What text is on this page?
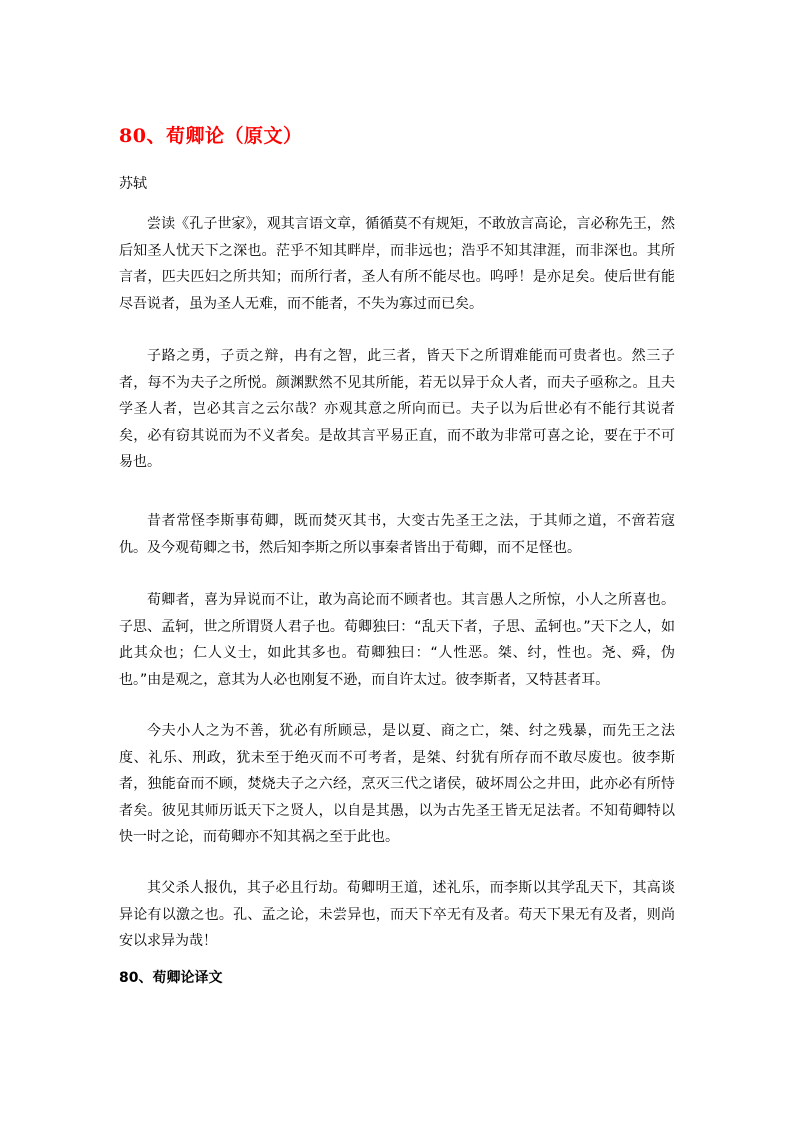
80、荀卿论（原文）
苏轼

尝读《孔子世家》，观其言语文章，循循莫不有规矩，不敢放言高论，言必称先王，然后知圣人忧天下之深也。茫乎不知其畔岸，而非远也；浩乎不知其津涯，而非深也。其所言者，匹夫匹妇之所共知；而所行者，圣人有所不能尽也。呜呼！是亦足矣。使后世有能尽吾说者，虽为圣人无难，而不能者，不失为寡过而已矣。

子路之勇，子贡之辩，冉有之智，此三者，皆天下之所谓难能而可贵者也。然三子者，每不为夫子之所悦。颜渊默然不见其所能，若无以异于众人者，而夫子亟称之。且夫学圣人者，岂必其言之云尔哉？亦观其意之所向而已。夫子以为后世必有不能行其说者矣，必有窃其说而为不义者矣。是故其言平易正直，而不敢为非常可喜之论，要在于不可易也。

昔者常怪李斯事荀卿，既而焚灭其书，大变古先圣王之法，于其师之道，不啻若寇仇。及今观荀卿之书，然后知李斯之所以事秦者皆出于荀卿，而不足怪也。

荀卿者，喜为异说而不让，敢为高论而不顾者也。其言愚人之所惊，小人之所喜也。子思、孟轲，世之所谓贤人君子也。荀卿独曰：“乱天下者，子思、孟轲也。”天下之人，如此其众也；仁人义士，如此其多也。荀卿独曰：“人性恶。桀、纣，性也。尧、舜，伪也。”由是观之，意其为人必也刚复不逊，而自许太过。彼李斯者，又特甚者耳。

今夫小人之为不善，犹必有所顾忌，是以夏、商之亡，桀、纣之残暴，而先王之法度、礼乐、刑政，犹未至于绝灭而不可考者，是桀、纣犹有所存而不敢尽废也。彼李斯者，独能奋而不顾，焚烧夫子之六经，烹灭三代之诸侯，破坏周公之井田，此亦必有所恃者矣。彼见其师历诋天下之贤人，以自是其愚，以为古先圣王皆无足法者。不知荀卿特以快一时之论，而荀卿亦不知其祸之至于此也。

其父杀人报仇，其子必且行劫。荀卿明王道，述礼乐，而李斯以其学乱天下，其高谈异论有以激之也。孔、孟之论，未尝异也，而天下卒无有及者。苟天下果无有及者，则尚安以求异为哉！

80、荀卿论译文
